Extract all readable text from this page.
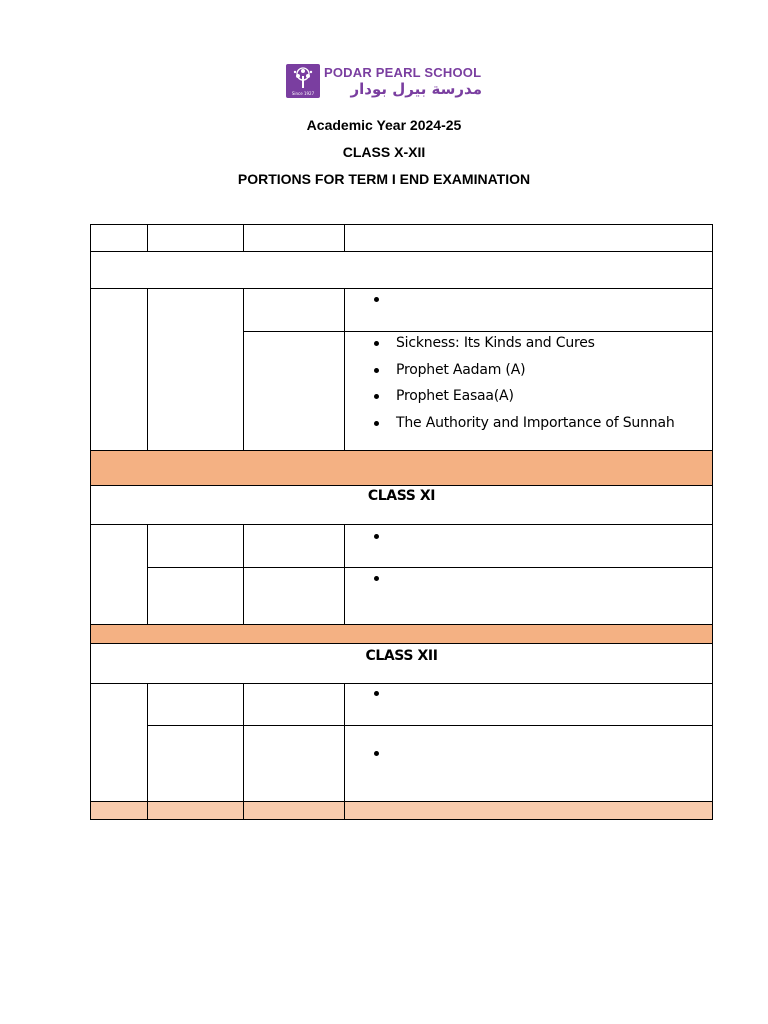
Since 1927
PODAR PEARL SCHOOL
مدرسة بيرل بودار
Academic Year 2024-25
CLASS X-XII
PORTIONS FOR TERM I END EXAMINATION
Sickness: Its Kinds and Cures
Prophet Aadam (A)
Prophet Easaa(A)
The Authority and Importance of Sunnah
CLASS XI
CLASS XII
